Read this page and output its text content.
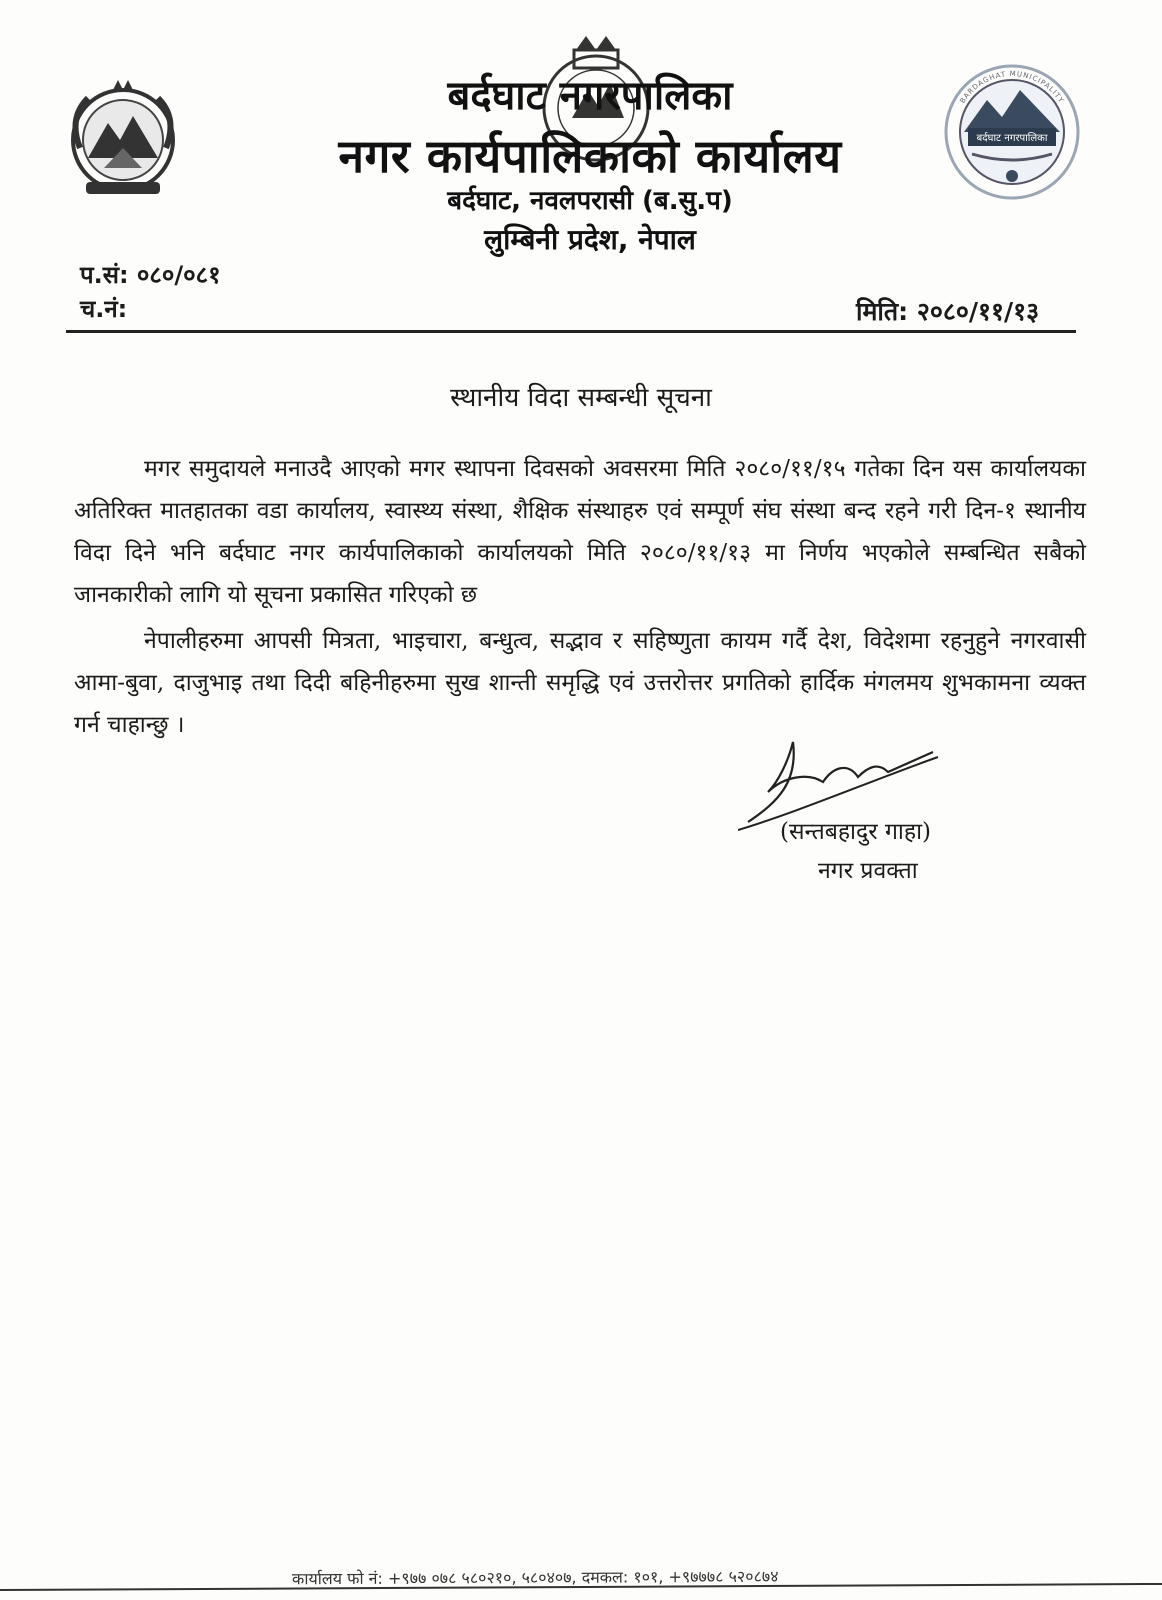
बर्दघाट नगरपालिका
BARDAGHAT MUNICIPALITY
बर्दघाट नगरपालिका
नगर कार्यपालिकाको कार्यालय
बर्दघाट, नवलपरासी (ब.सु.प)
लुम्बिनी प्रदेश, नेपाल
प.सं: ०८०/०८१
च.नं:	मिति: २०८०/११/१३
स्थानीय विदा सम्बन्धी सूचना

मगर समुदायले मनाउदै आएको मगर स्थापना दिवसको अवसरमा मिति २०८०/११/१५ गतेका दिन यस कार्यालयका अतिरिक्त मातहातका वडा कार्यालय, स्वास्थ्य संस्था, शैक्षिक संस्थाहरु एवं सम्पूर्ण संघ संस्था बन्द रहने गरी दिन-१ स्थानीय विदा दिने भनि बर्दघाट नगर कार्यपालिकाको कार्यालयको मिति २०८०/११/१३ मा निर्णय भएकोले सम्बन्धित सबैको जानकारीको लागि यो सूचना प्रकासित गरिएको छ

नेपालीहरुमा आपसी मित्रता, भाइचारा, बन्धुत्व, सद्भाव र सहिष्णुता कायम गर्दै देश, विदेशमा रहनुहुने नगरवासी आमा-बुवा, दाजुभाइ तथा दिदी बहिनीहरुमा सुख शान्ती समृद्धि एवं उत्तरोत्तर प्रगतिको हार्दिक मंगलमय शुभकामना व्यक्त गर्न चाहान्छु ।

(सन्तबहादुर गाहा)
नगर प्रवक्ता
कार्यालय फो नं: +९७७ ०७८ ५८०२१०, ५८०४०७, दमकल: १०१, +९७७७८ ५२०८७४
